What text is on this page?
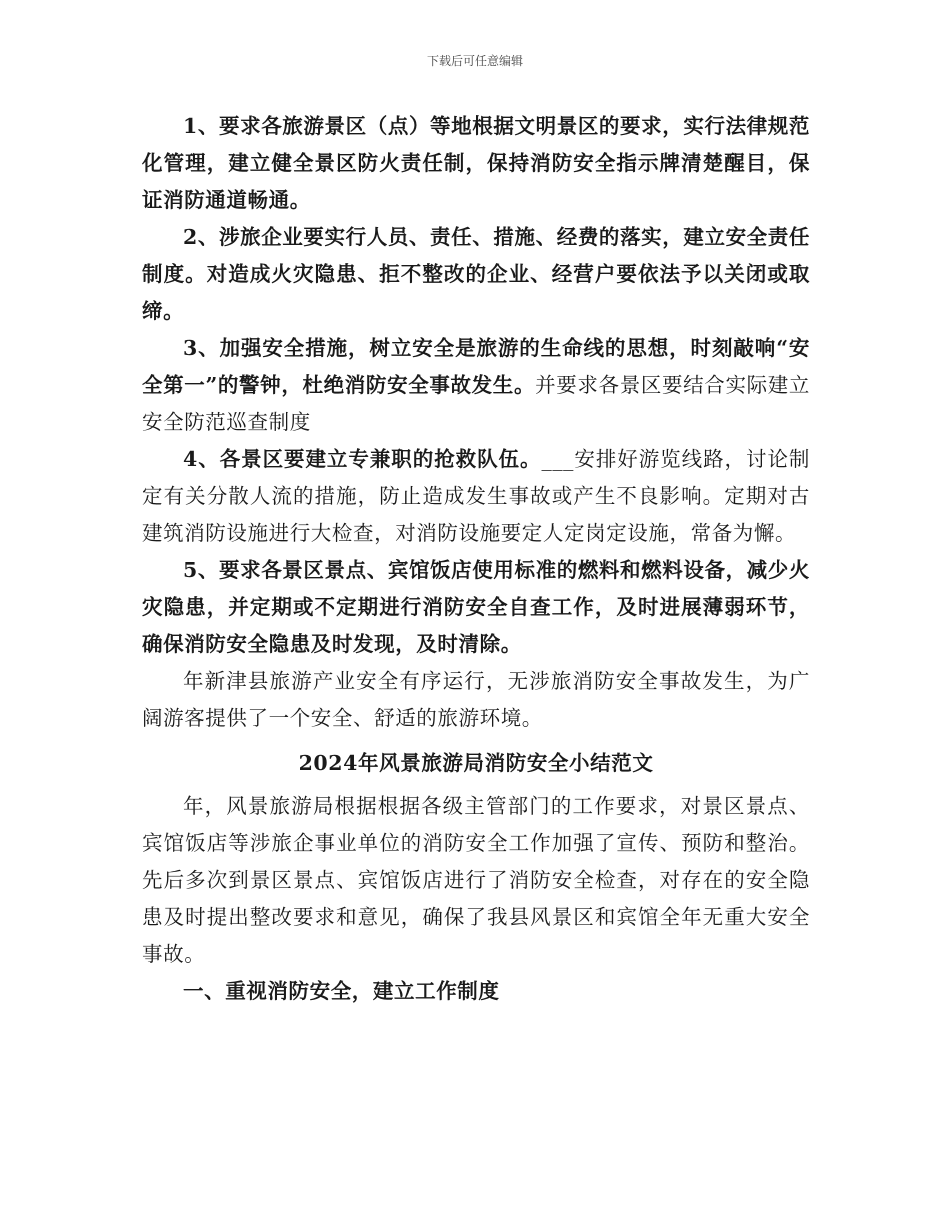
下载后可任意编辑

1、要求各旅游景区（点）等地根据文明景区的要求，实行法律规范化管理，建立健全景区防火责任制，保持消防安全指示牌清楚醒目，保证消防通道畅通。

2、涉旅企业要实行人员、责任、措施、经费的落实，建立安全责任制度。对造成火灾隐患、拒不整改的企业、经营户要依法予以关闭或取缔。

3、加强安全措施，树立安全是旅游的生命线的思想，时刻敲响“安全第一”的警钟，杜绝消防安全事故发生。并要求各景区要结合实际建立安全防范巡查制度

4、各景区要建立专兼职的抢救队伍。___安排好游览线路，讨论制定有关分散人流的措施，防止造成发生事故或产生不良影响。定期对古建筑消防设施进行大检查，对消防设施要定人定岗定设施，常备为懈。

5、要求各景区景点、宾馆饭店使用标准的燃料和燃料设备，减少火灾隐患，并定期或不定期进行消防安全自查工作，及时进展薄弱环节，确保消防安全隐患及时发现，及时清除。

年新津县旅游产业安全有序运行，无涉旅消防安全事故发生，为广阔游客提供了一个安全、舒适的旅游环境。

2024年风景旅游局消防安全小结范文

年，风景旅游局根据根据各级主管部门的工作要求，对景区景点、宾馆饭店等涉旅企事业单位的消防安全工作加强了宣传、预防和整治。先后多次到景区景点、宾馆饭店进行了消防安全检查，对存在的安全隐患及时提出整改要求和意见，确保了我县风景区和宾馆全年无重大安全事故。

一、重视消防安全，建立工作制度
